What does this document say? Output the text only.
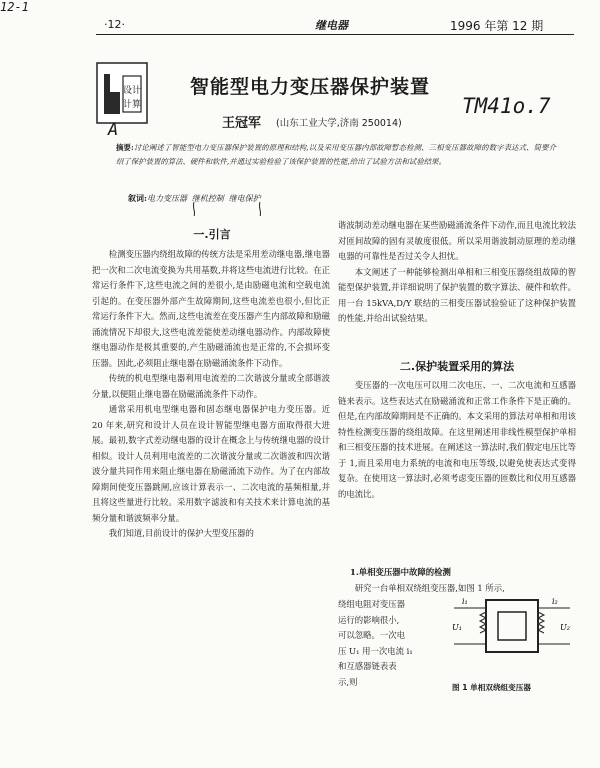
12-1
·12·	继电器	1996 年第 12 期
设计
计算
智能型电力变压器保护装置
王冠军 (山东工业大学,济南 250014)
TM41o.7
A
摘要:讨论阐述了智能型电力变压器保护装置的原理和结构,以及采用变压器内部故障暂态检测、三相变压器故障的数字表达式、简要介绍了保护装置的算法、硬件和软件,并通过实验检验了该保护装置的性能,给出了试验方法和试验结果。
叙词:电力变压器 继机控制 继电保护
一.引言

检测变压器内绕组故障的传统方法是采用差动继电器,继电器把一次和二次电流变换为共用基数,并将这些电流进行比较。在正常运行条件下,这些电流之间的差很小,是由励磁电流和空载电流引起的。在变压器外部产生故障期间,这些电流差也很小,但比正常运行条件下大。然而,这些电流差在变压器产生内部故障和励磁涌流情况下却很大,这些电流差能使差动继电器动作。内部故障使继电器动作是极其重要的,产生励磁涌流也是正常的,不会损坏变压器。因此,必须阻止继电器在励磁涌流条件下动作。

传统的机电型继电器利用电流差的二次谐波分量或全部谐波分量,以便阻止继电器在励磁涌流条件下动作。

通常采用机电型继电器和固态继电器保护电力变压器。近 20 年来,研究和设计人员在设计智能型继电器方面取得很大进展。最初,数字式差动继电器的设计在概念上与传统继电器的设计相似。设计人员利用电流差的二次谐波分量或二次谐波和四次谐波分量共同作用来阻止继电器在励磁涌流下动作。为了在内部故障期间使变压器跳闸,应该计算表示一、二次电流的基频相量,并且将这些量进行比较。采用数字滤波和有关技术来计算电流的基频分量和谐波频率分量。

我们知道,目前设计的保护大型变压器的

谐波制动差动继电器在某些励磁涌流条件下动作,而且电流比较法对匝间故障的固有灵敏度很低。所以采用谐波制动原理的差动继电器的可靠性是否过关令人担忧。

本文阐述了一种能够检测出单相和三相变压器绕组故障的智能型保护装置,并详细说明了保护装置的数字算法、硬件和软件。用一台 15kVA,D/Y 联结的三相变压器试验验证了这种保护装置的性能,并给出试验结果。

二.保护装置采用的算法

变压器的一次电压可以用二次电压、一、二次电流和互感器链来表示。这些表达式在励磁涌流和正常工作条件下是正确的。但是,在内部故障期间是不正确的。本文采用的算法对单相和用该特性检测变压器的绕组故障。在这里阐述用非线性模型保护单相和三相变压器的技术进展。在阐述这一算法时,我们假定电压比等于 1,而且采用电力系统的电流和电压等级,以避免使表达式变得复杂。在使用这一算法时,必须考虑变压器的匝数比和仪用互感器的电流比。

1.单相变压器中故障的检测

研究一台单相双绕组变压器,如图 1 所示,

绕组电阻对变压器
运行的影响很小,
可以忽略。一次电
压 U₁ 用一次电流 i₁
和互感器链表表
示,则
U₁	U₂
i₁	i₂
图 1 单相双绕组变压器
